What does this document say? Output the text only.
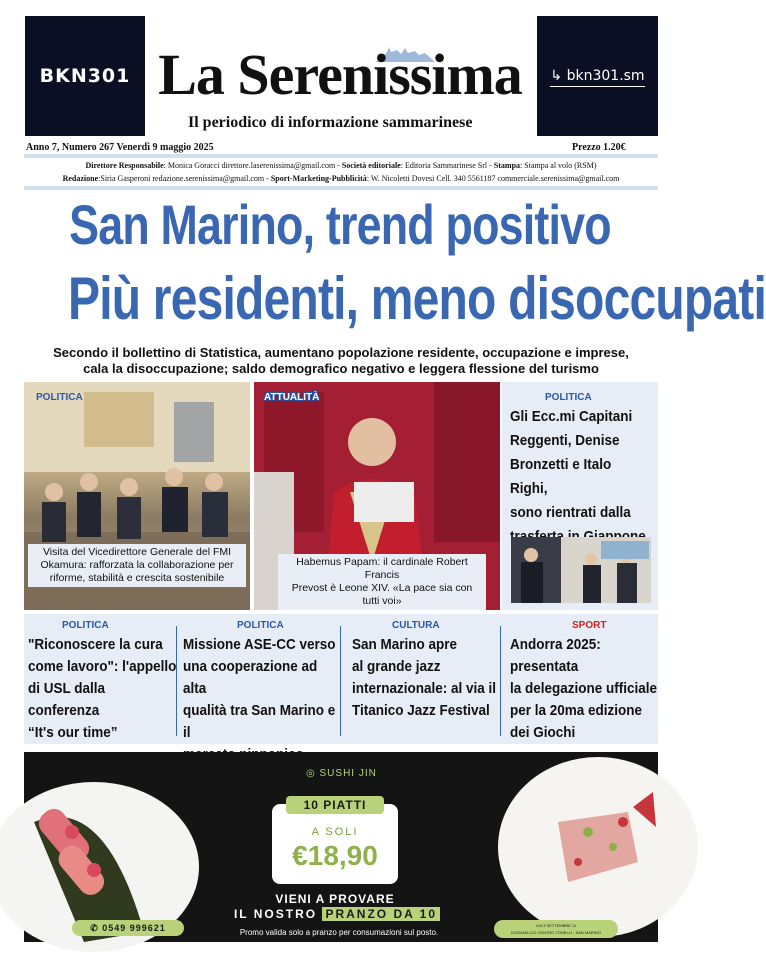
BKN301	↳ bkn301.sm
La Serenissima
Il periodico di informazione sammarinese
Anno 7, Numero 267 Venerdì 9 maggio 2025	Prezzo 1.20€
Direttore Responsabile: Monica Goracci direttore.laserenissima@gmail.com - Società editoriale: Editoria Sammarinese Srl - Stampa: Stampa al volo (RSM)
Redazione:Siria Gasperoni redazione.serenissima@gmail.com - Sport-Marketing-Pubblicità: W. Nicoletti Dovesi Cell. 340 5561187 commerciale.serenissima@gmail.com
San Marino, trend positivo
Più residenti, meno disoccupati
Secondo il bollettino di Statistica, aumentano popolazione residente, occupazione e imprese,
cala la disoccupazione; saldo demografico negativo e leggera flessione del turismo
POLITICA
Visita del Vicedirettore Generale del FMI
Okamura: rafforzata la collaborazione per
riforme, stabilità e crescita sostenibile
ATTUALITÀ
Habemus Papam: il cardinale Robert Francis
Prevost è Leone XIV. «La pace sia con tutti voi»
POLITICA
Gli Ecc.mi Capitani
Reggenti, Denise
Bronzetti e Italo Righi,
sono rientrati dalla
POLITICA
"Riconoscere la cura
come lavoro": l'appello
di USL dalla conferenza
“It's our time”
POLITICA
Missione ASE-CC verso
una cooperazione ad alta
qualità tra San Marino e il
CULTURA
San Marino apre
al grande jazz
internazionale: al via il
Titanico Jazz Festival
SPORT
Andorra 2025: presentata
la delegazione ufficiale
per la 20ma edizione
dei Giochi
◎ SUSHI JIN
10 PIATTI
A SOLI
€18,90
VIENI A PROVARE
IL NOSTRO PRANZO DA 10
Promo valida solo a pranzo per consumazioni sul posto.
✆ 0549 999621	VIA 3 SETTEMBRE 11
DOGANA C/O CENTRO TONELLI - SAN MARINO
